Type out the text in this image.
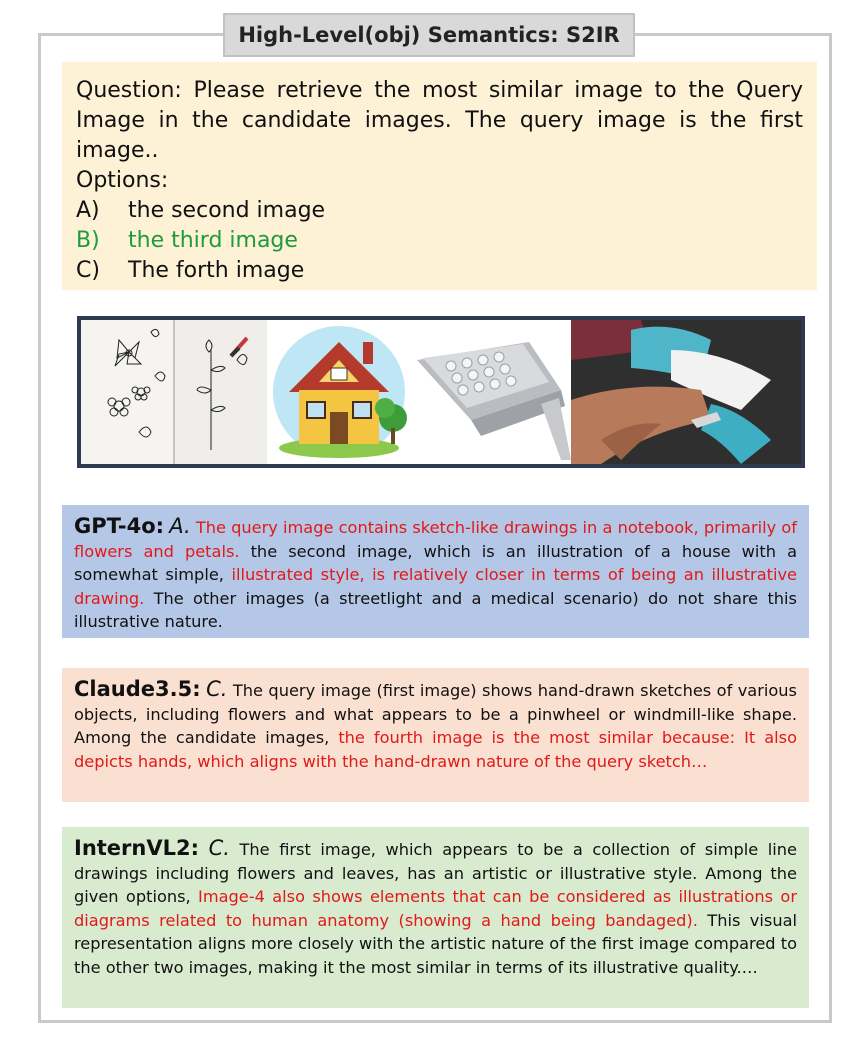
High-Level(obj) Semantics: S2IR
Question: Please retrieve the most similar image to the Query Image in the candidate images. The query image is the first image..
Options:
A)	the second image
B)	the third image
C)	The forth image
GPT-4o: A. The query image contains sketch-like drawings in a notebook, primarily of flowers and petals. the second image, which is an illustration of a house with a somewhat simple, illustrated style, is relatively closer in terms of being an illustrative drawing. The other images (a streetlight and a medical scenario) do not share this illustrative nature.
Claude3.5: C. The query image (first image) shows hand-drawn sketches of various objects, including flowers and what appears to be a pinwheel or windmill-like shape. Among the candidate images, the fourth image is the most similar because: It also depicts hands, which aligns with the hand-drawn nature of the query sketch…
InternVL2: C. The first image, which appears to be a collection of simple line drawings including flowers and leaves, has an artistic or illustrative style. Among the given options, Image-4 also shows elements that can be considered as illustrations or diagrams related to human anatomy (showing a hand being bandaged). This visual representation aligns more closely with the artistic nature of the first image compared to the other two images, making it the most similar in terms of its illustrative quality.…
